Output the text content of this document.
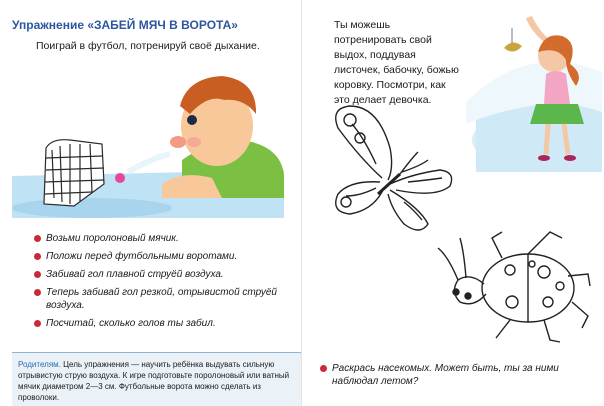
Упражнение «ЗАБЕЙ МЯЧ В ВОРОТА»
Поиграй в футбол, потренируй своё дыхание.
Возьми поролоновый мячик.
Положи перед футбольными воротами.
Забивай гол плавной струёй воздуха.
Теперь забивай гол резкой, отрывистой струёй воздуха.
Посчитай, сколько голов ты забил.
Родителям. Цель упражнения — научить ребёнка выдувать сильную отрывистую струю воздуха. К игре подготовьте поролоновый или ватный мячик диаметром 2—3 см. Футбольные ворота можно сделать из проволоки.
Ты можешь потренировать свой выдох, поддувая листочек, бабочку, божью коровку. Посмотри, как это делает девочка.
Раскрась насекомых. Может быть, ты за ними наблюдал летом?
